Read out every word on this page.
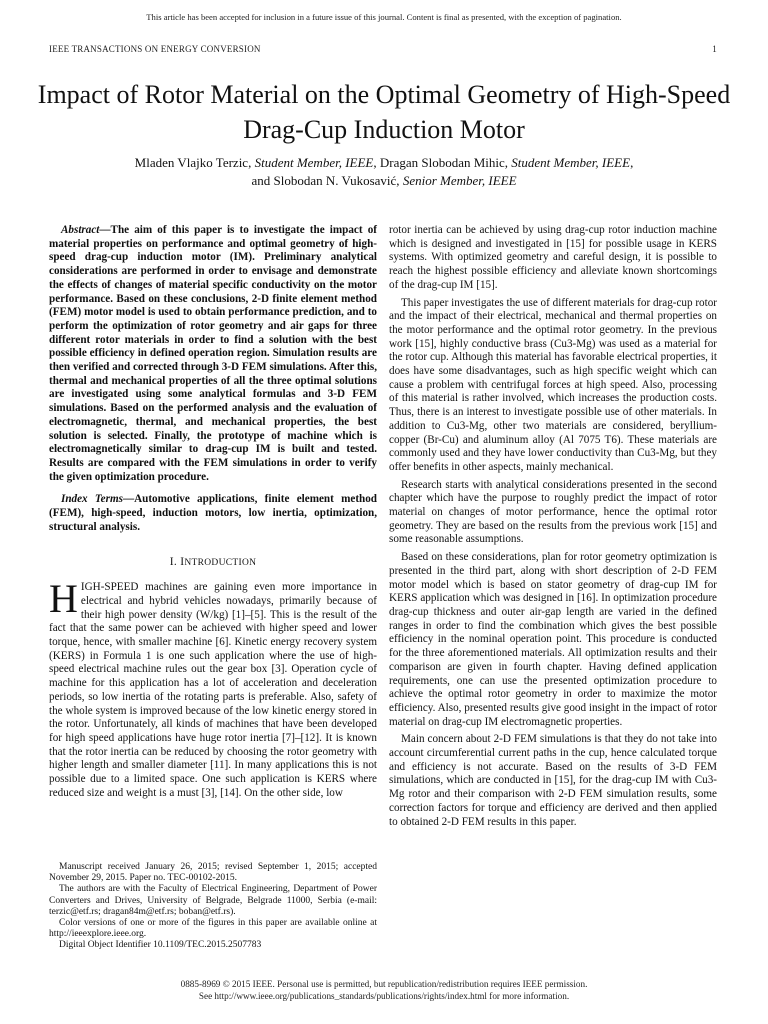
This article has been accepted for inclusion in a future issue of this journal. Content is final as presented, with the exception of pagination.
IEEE TRANSACTIONS ON ENERGY CONVERSION	1
Impact of Rotor Material on the Optimal Geometry of High-Speed Drag-Cup Induction Motor
Mladen Vlajko Terzic, Student Member, IEEE, Dragan Slobodan Mihic, Student Member, IEEE,
and Slobodan N. Vukosavić, Senior Member, IEEE

Abstract—The aim of this paper is to investigate the impact of material properties on performance and optimal geometry of high-speed drag-cup induction motor (IM). Preliminary analytical considerations are performed in order to envisage and demonstrate the effects of changes of material specific conductivity on the motor performance. Based on these conclusions, 2-D finite element method (FEM) motor model is used to obtain performance prediction, and to perform the optimization of rotor geometry and air gaps for three different rotor materials in order to find a solution with the best possible efficiency in defined operation region. Simulation results are then verified and corrected through 3-D FEM simulations. After this, thermal and mechanical properties of all the three optimal solutions are investigated using some analytical formulas and 3-D FEM simulations. Based on the performed analysis and the evaluation of electromagnetic, thermal, and mechanical properties, the best solution is selected. Finally, the prototype of machine which is electromagnetically similar to drag-cup IM is built and tested. Results are compared with the FEM simulations in order to verify the given optimization procedure.

Index Terms—Automotive applications, finite element method (FEM), high-speed, induction motors, low inertia, optimization, structural analysis.

I. INTRODUCTION

HIGH-SPEED machines are gaining even more importance in electrical and hybrid vehicles nowadays, primarily because of their high power density (W/kg) [1]–[5]. This is the result of the fact that the same power can be achieved with higher speed and lower torque, hence, with smaller machine [6]. Kinetic energy recovery system (KERS) in Formula 1 is one such application where the use of high-speed electrical machine rules out the gear box [3]. Operation cycle of machine for this application has a lot of acceleration and deceleration periods, so low inertia of the rotating parts is preferable. Also, safety of the whole system is improved because of the low kinetic energy stored in the rotor. Unfortunately, all kinds of machines that have been developed for high speed applications have huge rotor inertia [7]–[12]. It is known that the rotor inertia can be reduced by choosing the rotor geometry with higher length and smaller diameter [11]. In many applications this is not possible due to a limited space. One such application is KERS where reduced size and weight is a must [3], [14]. On the other side, low

rotor inertia can be achieved by using drag-cup rotor induction machine which is designed and investigated in [15] for possible usage in KERS systems. With optimized geometry and careful design, it is possible to reach the highest possible efficiency and alleviate known shortcomings of the drag-cup IM [15].

This paper investigates the use of different materials for drag-cup rotor and the impact of their electrical, mechanical and thermal properties on the motor performance and the optimal rotor geometry. In the previous work [15], highly conductive brass (Cu3-Mg) was used as a material for the rotor cup. Although this material has favorable electrical properties, it does have some disadvantages, such as high specific weight which can cause a problem with centrifugal forces at high speed. Also, processing of this material is rather involved, which increases the production costs. Thus, there is an interest to investigate possible use of other materials. In addition to Cu3-Mg, other two materials are considered, beryllium-copper (Br-Cu) and aluminum alloy (Al 7075 T6). These materials are commonly used and they have lower conductivity than Cu3-Mg, but they offer benefits in other aspects, mainly mechanical.

Research starts with analytical considerations presented in the second chapter which have the purpose to roughly predict the impact of rotor material on changes of motor performance, hence the optimal rotor geometry. They are based on the results from the previous work [15] and some reasonable assumptions.

Based on these considerations, plan for rotor geometry optimization is presented in the third part, along with short description of 2-D FEM motor model which is based on stator geometry of drag-cup IM for KERS application which was designed in [16]. In optimization procedure drag-cup thickness and outer air-gap length are varied in the defined ranges in order to find the combination which gives the best possible efficiency in the nominal operation point. This procedure is conducted for the three aforementioned materials. All optimization results and their comparison are given in fourth chapter. Having defined application requirements, one can use the presented optimization procedure to achieve the optimal rotor geometry in order to maximize the motor efficiency. Also, presented results give good insight in the impact of rotor material on drag-cup IM electromagnetic properties.

Main concern about 2-D FEM simulations is that they do not take into account circumferential current paths in the cup, hence calculated torque and efficiency is not accurate. Based on the results of 3-D FEM simulations, which are conducted in [15], for the drag-cup IM with Cu3-Mg rotor and their comparison with 2-D FEM simulation results, some correction factors for torque and efficiency are derived and then applied to obtained 2-D FEM results in this paper.

Manuscript received January 26, 2015; revised September 1, 2015; accepted November 29, 2015. Paper no. TEC-00102-2015.

The authors are with the Faculty of Electrical Engineering, Department of Power Converters and Drives, University of Belgrade, Belgrade 11000, Serbia (e-mail: terzic@etf.rs; dragan84m@etf.rs; boban@etf.rs).

Color versions of one or more of the figures in this paper are available online at http://ieeexplore.ieee.org.

Digital Object Identifier 10.1109/TEC.2015.2507783

0885-8969 © 2015 IEEE. Personal use is permitted, but republication/redistribution requires IEEE permission.

See http://www.ieee.org/publications_standards/publications/rights/index.html for more information.
